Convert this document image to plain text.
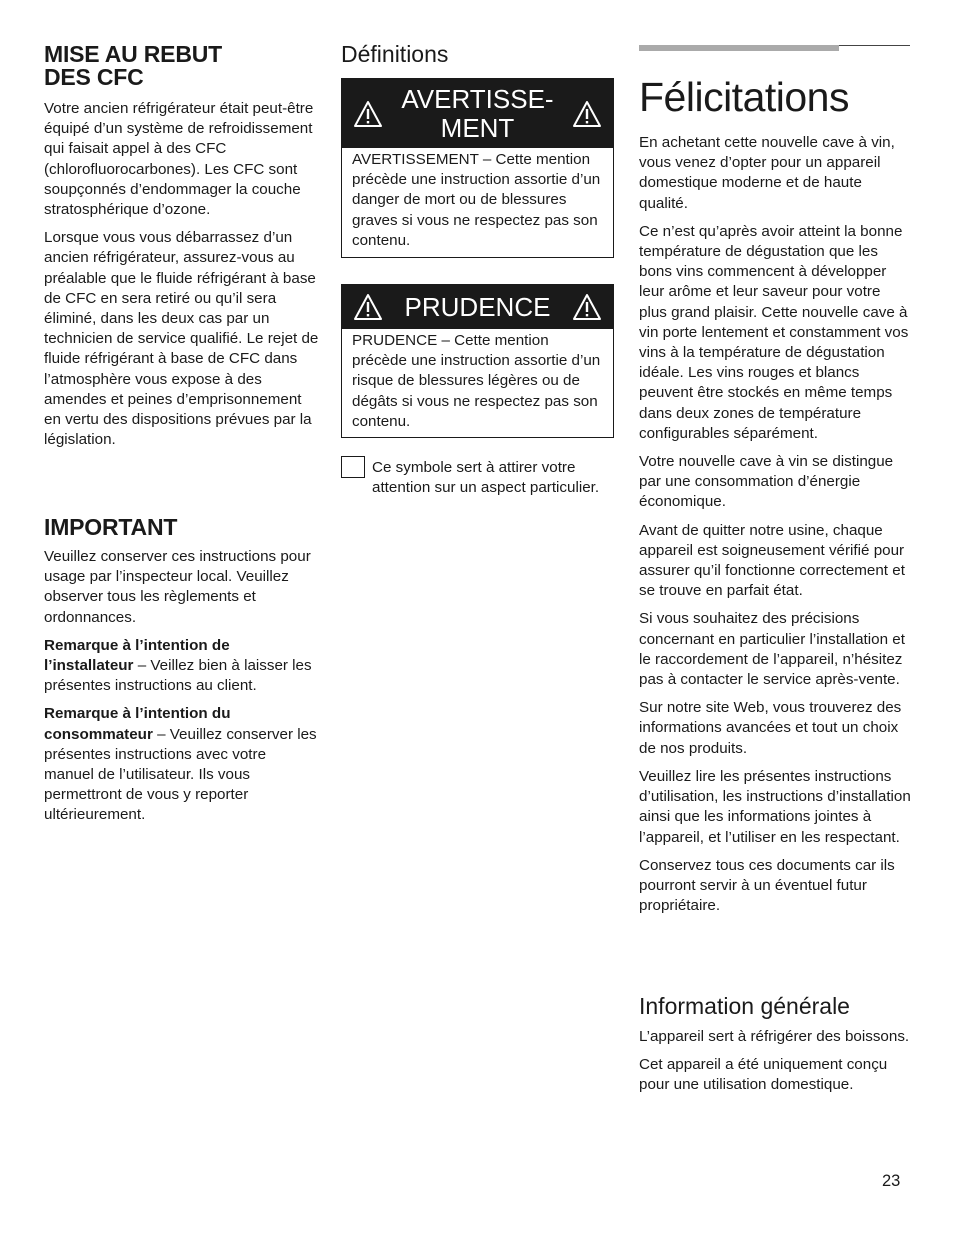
MISE AU REBUT
DES CFC

Votre ancien réfrigérateur était peut-être équipé d’un système de refroidissement qui faisait appel à des CFC (chlorofluorocarbones). Les CFC sont soupçonnés d’endommager la couche stratosphérique d’ozone.

Lorsque vous vous débarrassez d’un ancien réfrigérateur, assurez-vous au préalable que le fluide réfrigérant à base de CFC en sera retiré ou qu’il sera éliminé, dans les deux cas par un technicien de service qualifié. Le rejet de fluide réfrigérant à base de CFC dans l’atmosphère vous expose à des amendes et peines d’emprisonnement en vertu des dispositions prévues par la législation.

IMPORTANT

Veuillez conserver ces instructions pour usage par l’inspecteur local. Veuillez observer tous les règlements et ordonnances.

Remarque à l’intention de l’installateur – Veillez bien à laisser les présentes instructions au client.

Remarque à l’intention du consommateur – Veuillez conserver les présentes instructions avec votre manuel de l’utilisateur. Ils vous permettront de vous y reporter ultérieurement.

Définitions
AVERTISSE-
MENT
AVERTISSEMENT – Cette mention précède une instruction assortie d’un danger de mort ou de blessures graves si vous ne respectez pas son contenu.
PRUDENCE
PRUDENCE – Cette mention précède une instruction assortie d’un risque de blessures légères ou de dégâts si vous ne respectez pas son contenu.
Ce symbole sert à attirer votre attention sur un aspect particulier.
Félicitations

En achetant cette nouvelle cave à vin, vous venez d’opter pour un appareil domestique moderne et de haute qualité.

Ce n’est qu’après avoir atteint la bonne température de dégustation que les bons vins commencent à développer leur arôme et leur saveur pour votre plus grand plaisir. Cette nouvelle cave à vin porte lentement et constamment vos vins à la température de dégustation idéale. Les vins rouges et blancs peuvent être stockés en même temps dans deux zones de température configurables séparément.

Votre nouvelle cave à vin se distingue par une consommation d’énergie économique.

Avant de quitter notre usine, chaque appareil est soigneusement vérifié pour assurer qu’il fonctionne correctement et se trouve en parfait état.

Si vous souhaitez des précisions concernant en particulier l’installation et le raccordement de l’appareil, n’hésitez pas à contacter le service après-vente.

Sur notre site Web, vous trouverez des informations avancées et tout un choix de nos produits.

Veuillez lire les présentes instructions d’utilisation, les instructions d’installation ainsi que les informations jointes à l’appareil, et l’utiliser en les respectant.

Conservez tous ces documents car ils pourront servir à un éventuel futur propriétaire.

Information générale

L’appareil sert à réfrigérer des boissons.

Cet appareil a été uniquement conçu pour une utilisation domestique.

23
